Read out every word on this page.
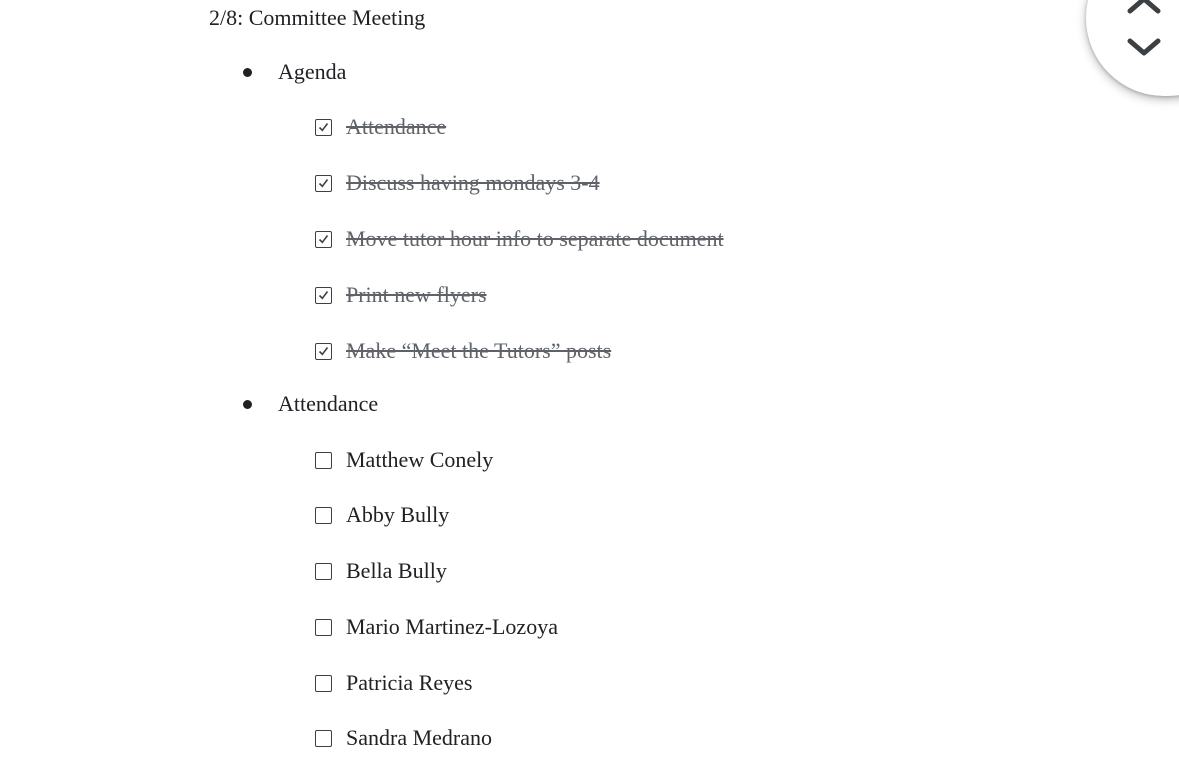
2/8: Committee Meeting
Agenda
Attendance
Discuss having mondays 3-4
Move tutor hour info to separate document
Print new flyers
Make “Meet the Tutors” posts
Attendance
Matthew Conely
Abby Bully
Bella Bully
Mario Martinez-Lozoya
Patricia Reyes
Sandra Medrano
